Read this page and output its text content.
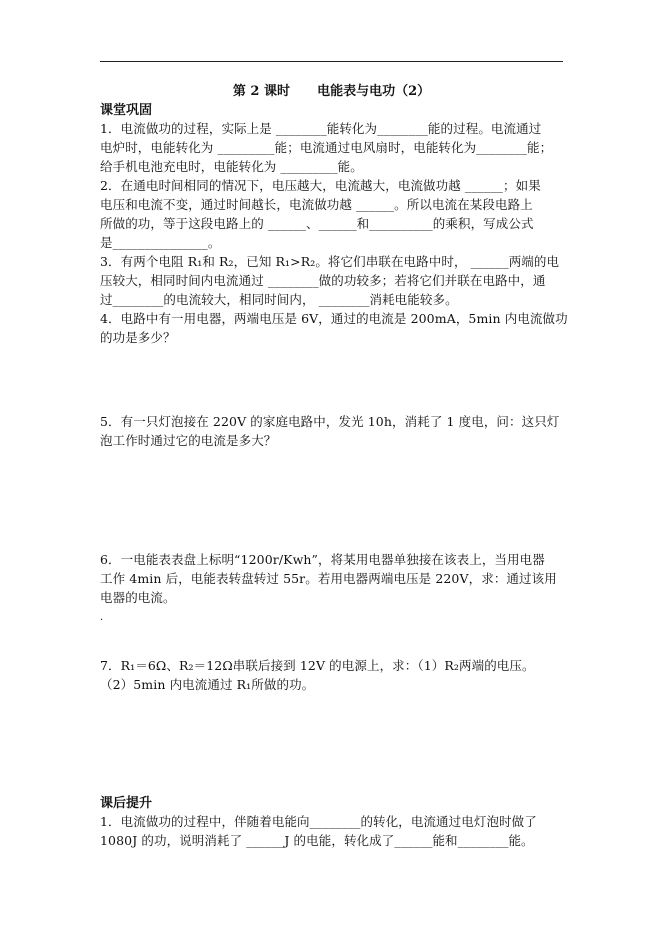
第 2 课时      电能表与电功（2）
课堂巩固
1．电流做功的过程，实际上是 ________能转化为________能的过程。电流通过
电炉时，电能转化为 _________能；电流通过电风扇时，电能转化为________能；
给手机电池充电时，电能转化为 _________能。
2．在通电时间相同的情况下，电压越大，电流越大，电流做功越 ______；如果
电压和电流不变，通过时间越长，电流做功越 ______。所以电流在某段电路上
所做的功，等于这段电路上的 ______、______和__________的乘积，写成公式
是_______________。
3．有两个电阻 R₁和 R₂，已知 R₁>R₂。将它们串联在电路中时， ______两端的电
压较大，相同时间内电流通过 ________做的功较多；若将它们并联在电路中，通
过________的电流较大，相同时间内， ________消耗电能较多。
4．电路中有一用电器，两端电压是 6V，通过的电流是 200mA，5min 内电流做功
的功是多少？
5．有一只灯泡接在 220V 的家庭电路中，发光 10h，消耗了 1 度电，问：这只灯
泡工作时通过它的电流是多大？
6．一电能表表盘上标明“1200r/Kwh”，将某用电器单独接在该表上，当用电器
工作 4min 后，电能表转盘转过 55r。若用电器两端电压是 220V，求：通过该用
电器的电流。
.
7．R₁＝6Ω、R₂＝12Ω串联后接到 12V 的电源上，求：（1）R₂两端的电压。
（2）5min 内电流通过 R₁所做的功。
课后提升
1．电流做功的过程中，伴随着电能向________的转化，电流通过电灯泡时做了
1080J 的功，说明消耗了 ______J 的电能，转化成了______能和________能。
